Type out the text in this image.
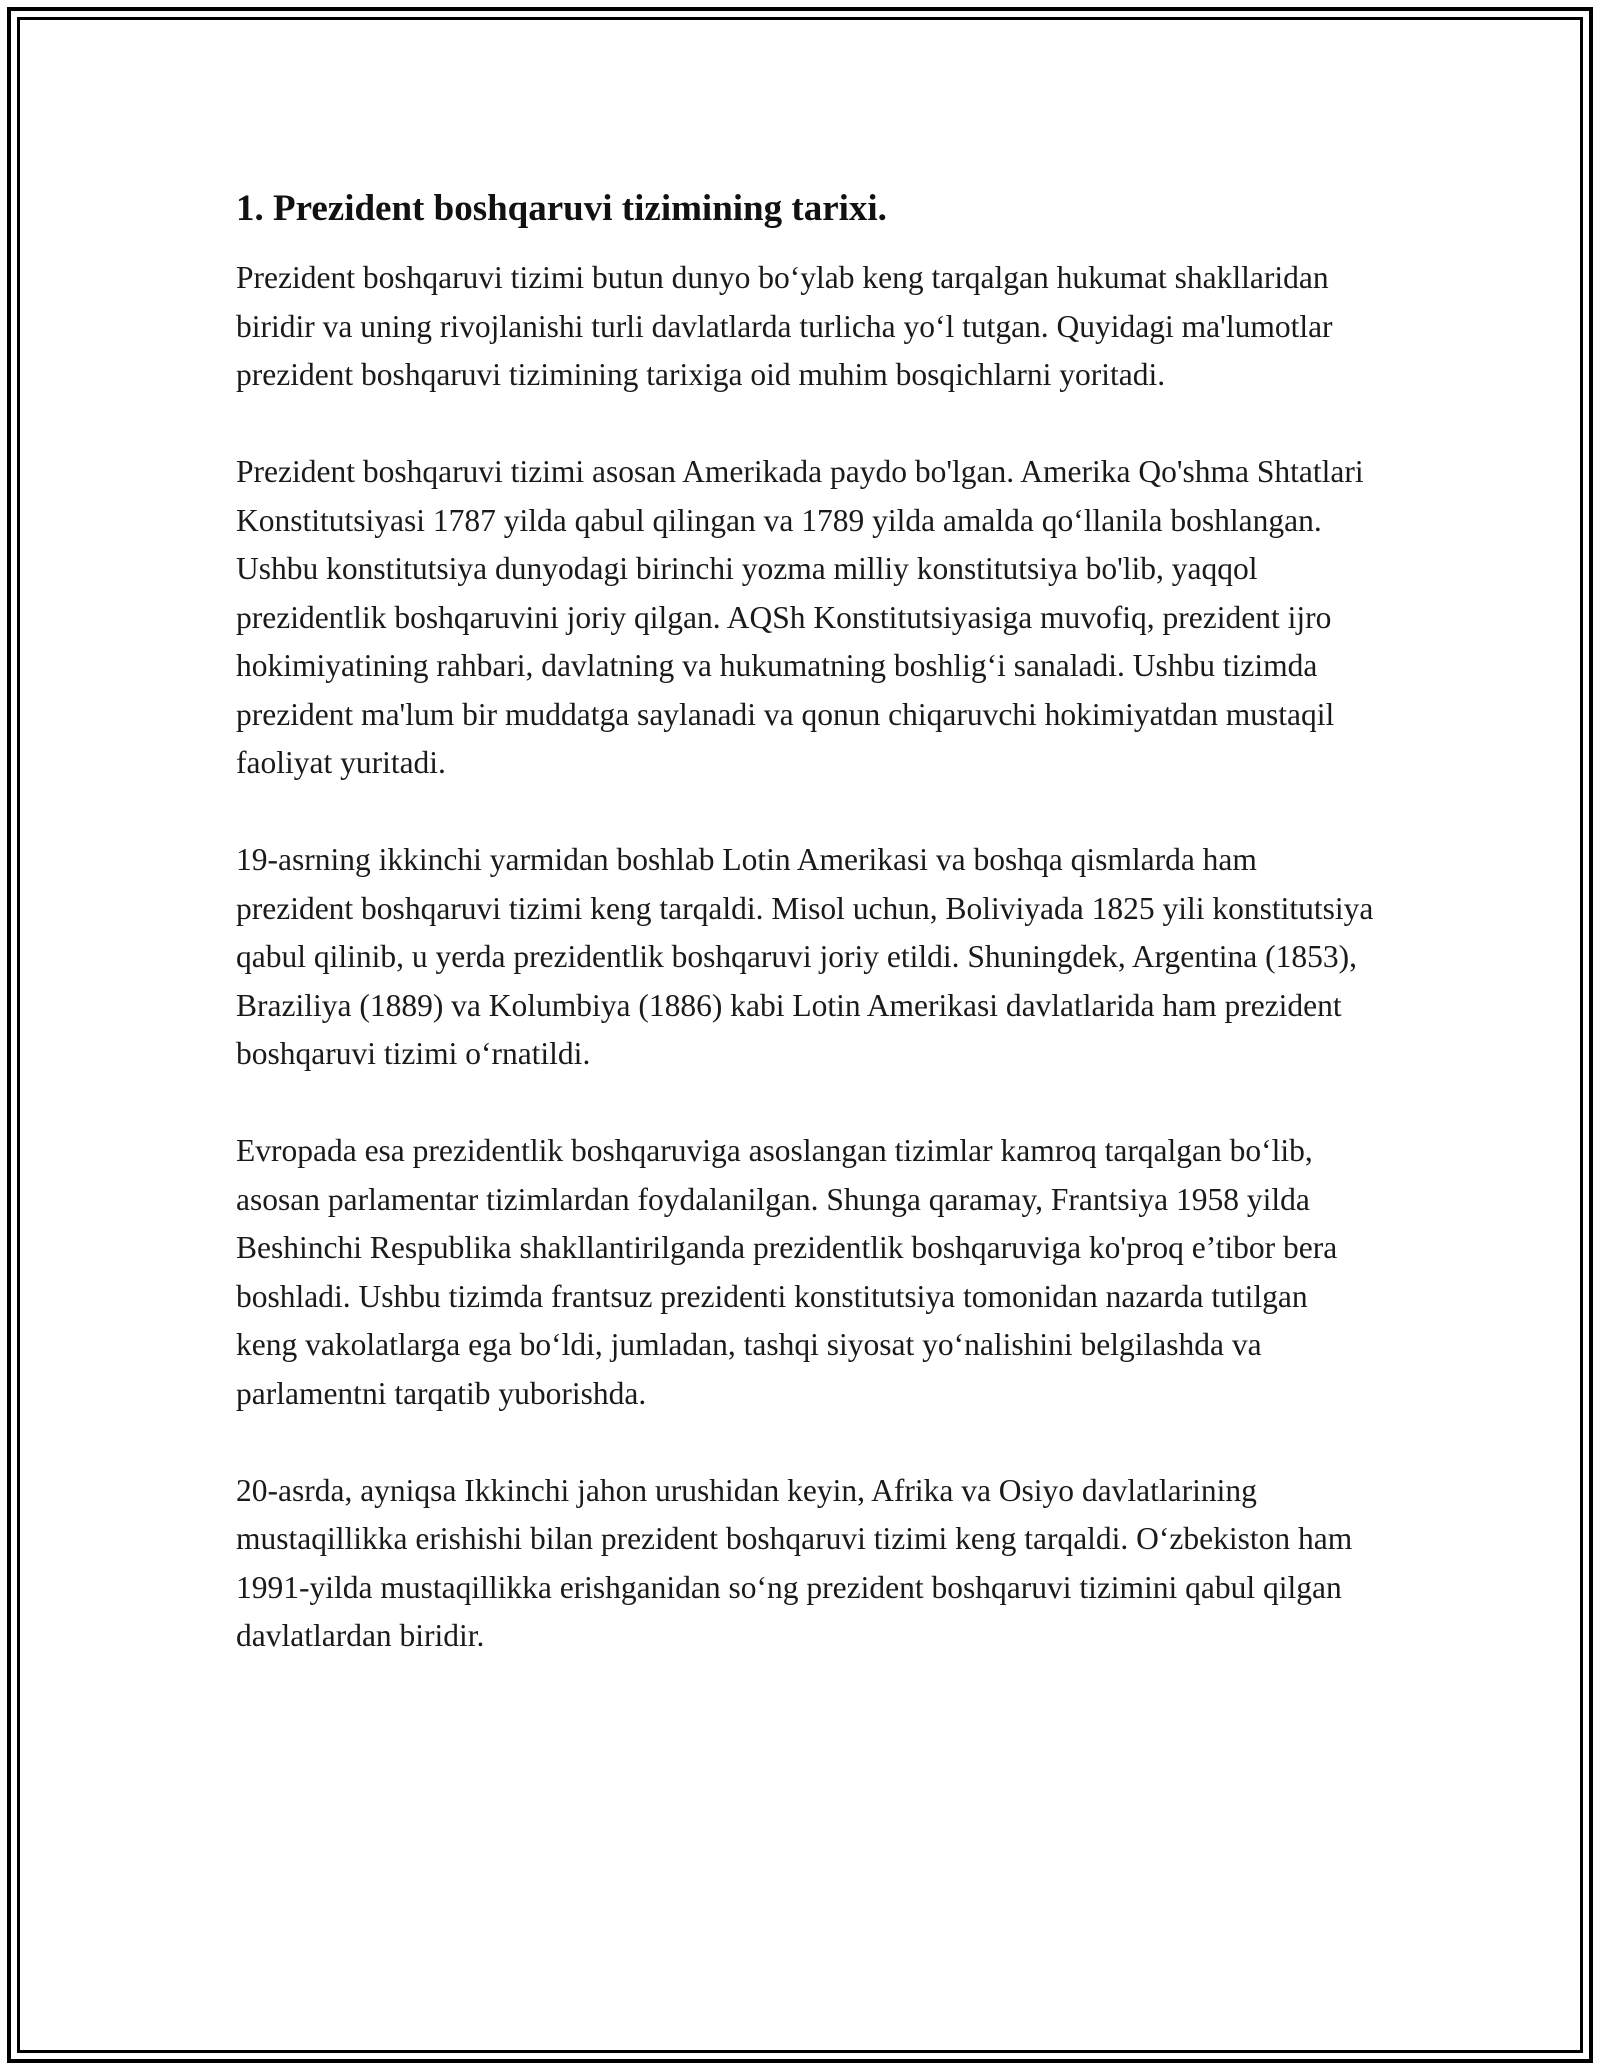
1. Prezident boshqaruvi tizimining tarixi.

Prezident boshqaruvi tizimi butun dunyo bo‘ylab keng tarqalgan hukumat shakllaridan biridir va uning rivojlanishi turli davlatlarda turlicha yo‘l tutgan. Quyidagi ma'lumotlar prezident boshqaruvi tizimining tarixiga oid muhim bosqichlarni yoritadi.

Prezident boshqaruvi tizimi asosan Amerikada paydo bo'lgan. Amerika Qo'shma Shtatlari Konstitutsiyasi 1787 yilda qabul qilingan va 1789 yilda amalda qo‘llanila boshlangan. Ushbu konstitutsiya dunyodagi birinchi yozma milliy konstitutsiya bo'lib, yaqqol prezidentlik boshqaruvini joriy qilgan. AQSh Konstitutsiyasiga muvofiq, prezident ijro hokimiyatining rahbari, davlatning va hukumatning boshlig‘i sanaladi. Ushbu tizimda prezident ma'lum bir muddatga saylanadi va qonun chiqaruvchi hokimiyatdan mustaqil faoliyat yuritadi.

19-asrning ikkinchi yarmidan boshlab Lotin Amerikasi va boshqa qismlarda ham prezident boshqaruvi tizimi keng tarqaldi. Misol uchun, Boliviyada 1825 yili konstitutsiya qabul qilinib, u yerda prezidentlik boshqaruvi joriy etildi. Shuningdek, Argentina (1853), Braziliya (1889) va Kolumbiya (1886) kabi Lotin Amerikasi davlatlarida ham prezident boshqaruvi tizimi o‘rnatildi.

Evropada esa prezidentlik boshqaruviga asoslangan tizimlar kamroq tarqalgan bo‘lib, asosan parlamentar tizimlardan foydalanilgan. Shunga qaramay, Frantsiya 1958 yilda Beshinchi Respublika shakllantirilganda prezidentlik boshqaruviga ko'proq e’tibor bera boshladi. Ushbu tizimda frantsuz prezidenti konstitutsiya tomonidan nazarda tutilgan keng vakolatlarga ega bo‘ldi, jumladan, tashqi siyosat yo‘nalishini belgilashda va parlamentni tarqatib yuborishda.

20-asrda, ayniqsa Ikkinchi jahon urushidan keyin, Afrika va Osiyo davlatlarining mustaqillikka erishishi bilan prezident boshqaruvi tizimi keng tarqaldi. O‘zbekiston ham 1991-yilda mustaqillikka erishganidan so‘ng prezident boshqaruvi tizimini qabul qilgan davlatlardan biridir.
